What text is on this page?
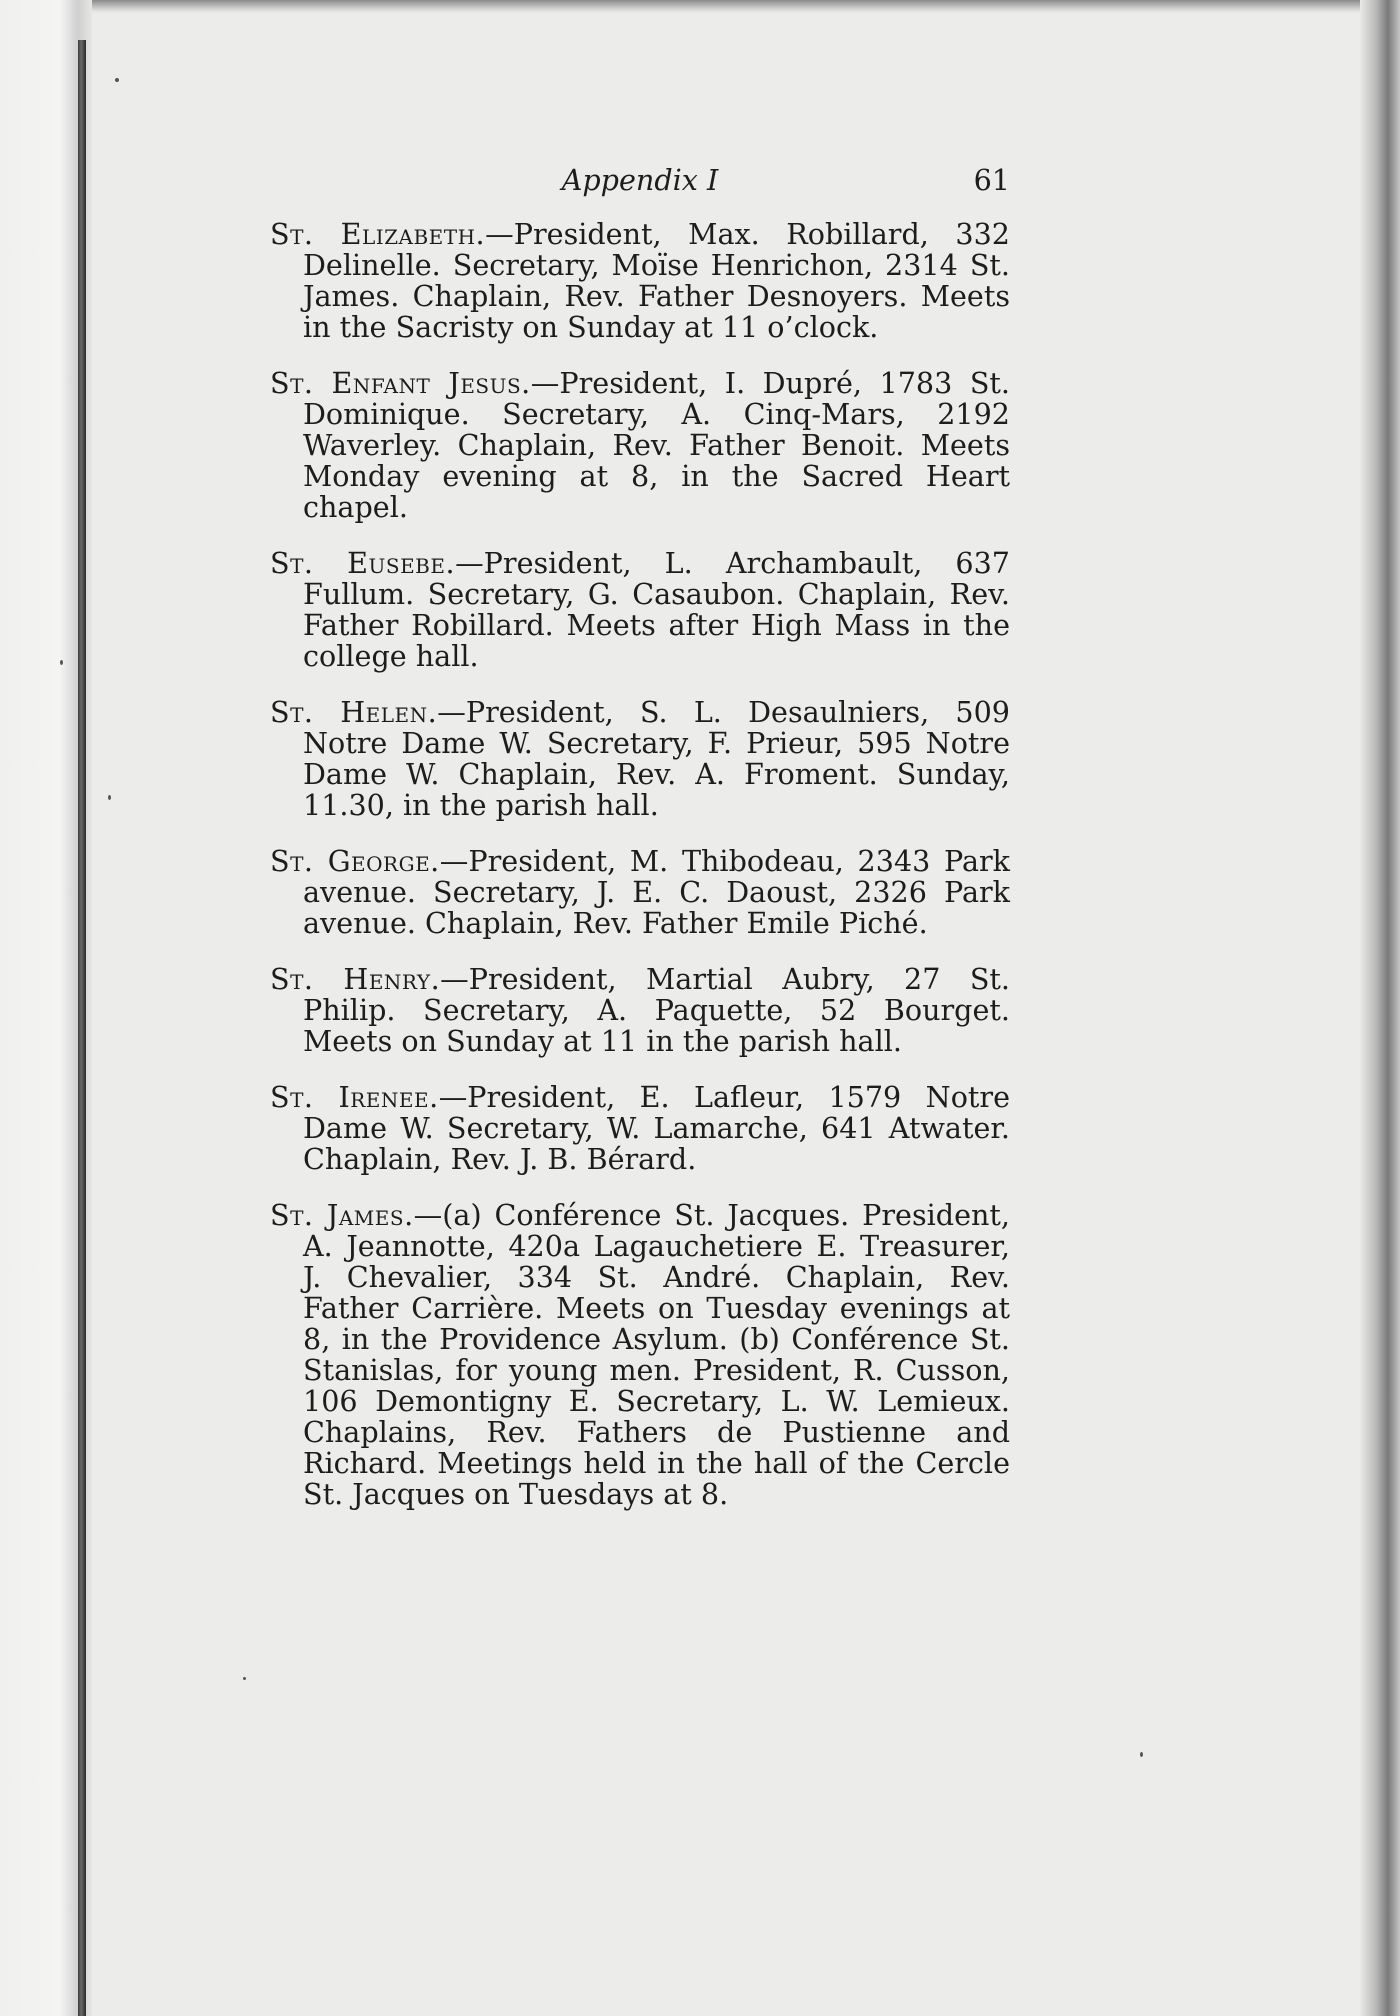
Appendix I	61

St. Elizabeth.—President, Max. Robillard, 332 Delinelle. Secretary, Moïse Henrichon, 2314 St. James. Chaplain, Rev. Father Desnoyers. Meets in the Sacristy on Sunday at 11 o’clock.

St. Enfant Jesus.—President, I. Dupré, 1783 St. Dominique. Secretary, A. Cinq-Mars, 2192 Waverley. Chaplain, Rev. Father Benoit. Meets Monday evening at 8, in the Sacred Heart chapel.

St. Eusebe.—President, L. Archambault, 637 Fullum. Secretary, G. Casaubon. Chaplain, Rev. Father Robillard. Meets after High Mass in the college hall.

St. Helen.—President, S. L. Desaulniers, 509 Notre Dame W. Secretary, F. Prieur, 595 Notre Dame W. Chaplain, Rev. A. Froment. Sunday, 11.30, in the parish hall.

St. George.—President, M. Thibodeau, 2343 Park avenue. Secretary, J. E. C. Daoust, 2326 Park avenue. Chaplain, Rev. Father Emile Piché.

St. Henry.—President, Martial Aubry, 27 St. Philip. Secretary, A. Paquette, 52 Bourget. Meets on Sunday at 11 in the parish hall.

St. Irenee.—President, E. Lafleur, 1579 Notre Dame W. Secretary, W. Lamarche, 641 Atwater. Chaplain, Rev. J. B. Bérard.

St. James.—(a) Conférence St. Jacques. President, A. Jeannotte, 420a Lagauchetiere E. Treasurer, J. Chevalier, 334 St. André. Chaplain, Rev. Father Carrière. Meets on Tuesday evenings at 8, in the Providence Asylum. (b) Conférence St. Stanislas, for young men. President, R. Cusson, 106 Demontigny E. Secretary, L. W. Lemieux. Chaplains, Rev. Fathers de Pustienne and Richard. Meetings held in the hall of the Cercle St. Jacques on Tuesdays at 8.
